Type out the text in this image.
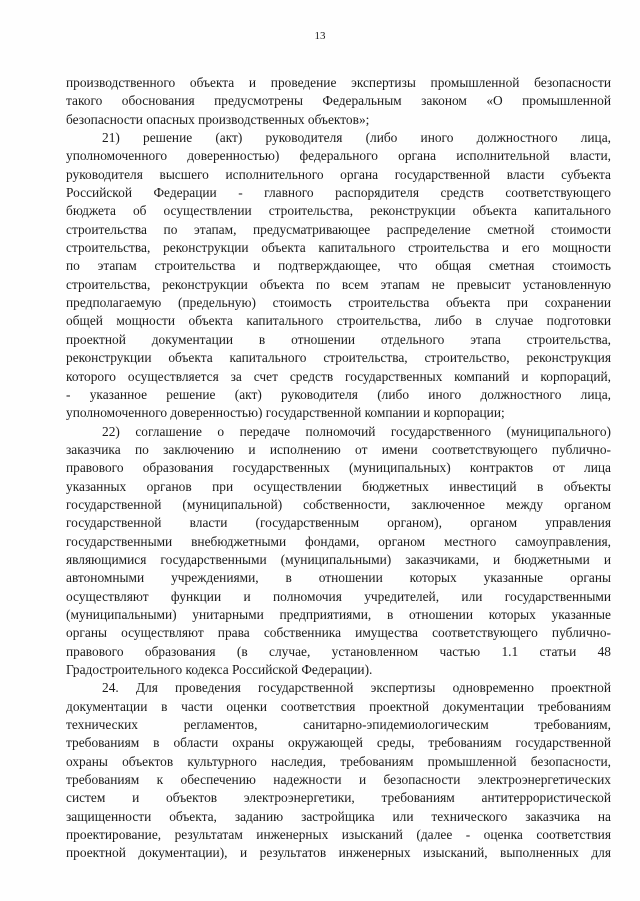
13
производственного объекта и проведение экспертизы промышленной безопасности
такого обоснования предусмотрены Федеральным законом «О промышленной
безопасности опасных производственных объектов»;
21) решение (акт) руководителя (либо иного должностного лица,
уполномоченного доверенностью) федерального органа исполнительной власти,
руководителя высшего исполнительного органа государственной власти субъекта
Российской Федерации - главного распорядителя средств соответствующего
бюджета об осуществлении строительства, реконструкции объекта капитального
строительства по этапам, предусматривающее распределение сметной стоимости
строительства, реконструкции объекта капитального строительства и его мощности
по этапам строительства и подтверждающее, что общая сметная стоимость
строительства, реконструкции объекта по всем этапам не превысит установленную
предполагаемую (предельную) стоимость строительства объекта при сохранении
общей мощности объекта капитального строительства, либо в случае подготовки
проектной документации в отношении отдельного этапа строительства,
реконструкции объекта капитального строительства, строительство, реконструкция
которого осуществляется за счет средств государственных компаний и корпораций,
- указанное решение (акт) руководителя (либо иного должностного лица,
уполномоченного доверенностью) государственной компании и корпорации;
22) соглашение о передаче полномочий государственного (муниципального)
заказчика по заключению и исполнению от имени соответствующего публично-
правового образования государственных (муниципальных) контрактов от лица
указанных органов при осуществлении бюджетных инвестиций в объекты
государственной (муниципальной) собственности, заключенное между органом
государственной власти (государственным органом), органом управления
государственными внебюджетными фондами, органом местного самоуправления,
являющимися государственными (муниципальными) заказчиками, и бюджетными и
автономными учреждениями, в отношении которых указанные органы
осуществляют функции и полномочия учредителей, или государственными
(муниципальными) унитарными предприятиями, в отношении которых указанные
органы осуществляют права собственника имущества соответствующего публично-
правового образования (в случае, установленном частью 1.1 статьи 48
Градостроительного кодекса Российской Федерации).
24. Для проведения государственной экспертизы одновременно проектной
документации в части оценки соответствия проектной документации требованиям
технических регламентов, санитарно-эпидемиологическим требованиям,
требованиям в области охраны окружающей среды, требованиям государственной
охраны объектов культурного наследия, требованиям промышленной безопасности,
требованиям к обеспечению надежности и безопасности электроэнергетических
систем и объектов электроэнергетики, требованиям антитеррористической
защищенности объекта, заданию застройщика или технического заказчика на
проектирование, результатам инженерных изысканий (далее - оценка соответствия
проектной документации), и результатов инженерных изысканий, выполненных для
